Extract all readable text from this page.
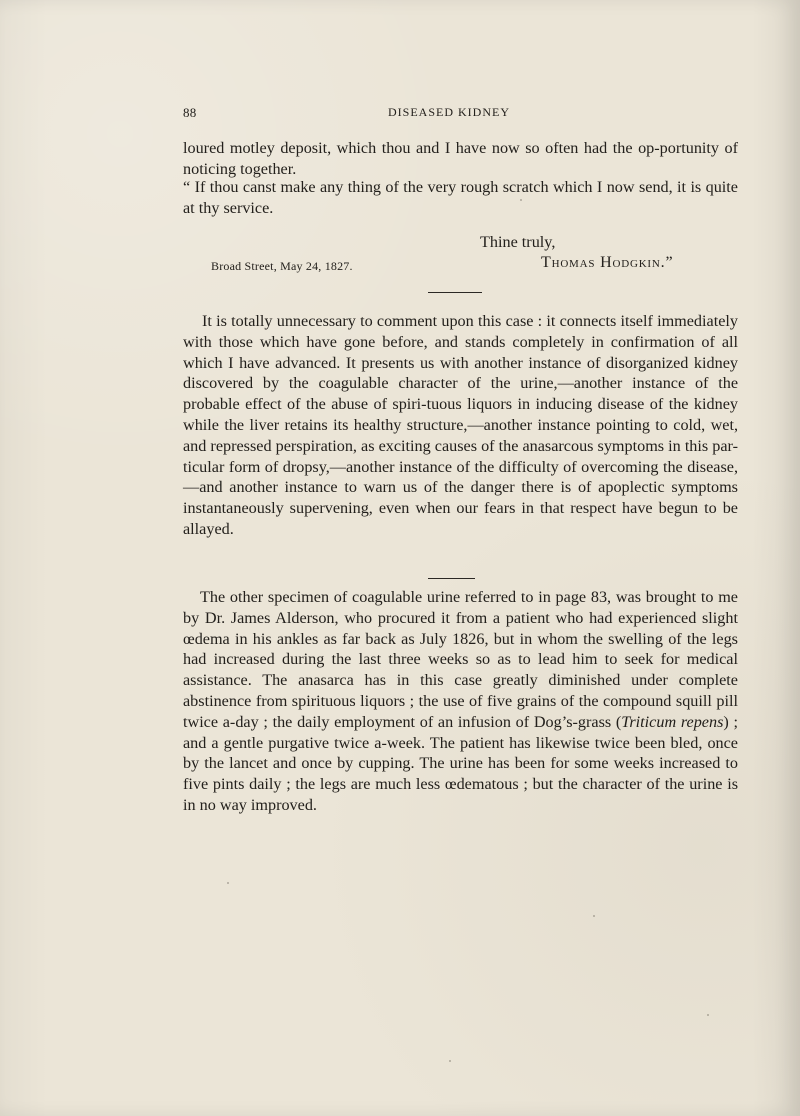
88	DISEASED KIDNEY
loured motley deposit, which thou and I have now so often had the op-portunity of noticing together.
“ If thou canst make any thing of the very rough scratch which I now send, it is quite at thy service.
Thine truly,
Broad Street, May 24, 1827.	Thomas Hodgkin.”
It is totally unnecessary to comment upon this case : it connects itself immediately with those which have gone before, and stands completely in confirmation of all which I have advanced. It presents us with another instance of disorganized kidney discovered by the coagulable character of the urine,—another instance of the probable effect of the abuse of spiri-tuous liquors in inducing disease of the kidney while the liver retains its healthy structure,—another instance pointing to cold, wet, and repressed perspiration, as exciting causes of the anasarcous symptoms in this par-ticular form of dropsy,—another instance of the difficulty of overcoming the disease,—and another instance to warn us of the danger there is of apoplectic symptoms instantaneously supervening, even when our fears in that respect have begun to be allayed.
The other specimen of coagulable urine referred to in page 83, was brought to me by Dr. James Alderson, who procured it from a patient who had experienced slight œdema in his ankles as far back as July 1826, but in whom the swelling of the legs had increased during the last three weeks so as to lead him to seek for medical assistance. The anasarca has in this case greatly diminished under complete abstinence from spirituous liquors ; the use of five grains of the compound squill pill twice a-day ; the daily employment of an infusion of Dog’s-grass (Triticum repens) ; and a gentle purgative twice a-week. The patient has likewise twice been bled, once by the lancet and once by cupping. The urine has been for some weeks increased to five pints daily ; the legs are much less œdematous ; but the character of the urine is in no way improved.
